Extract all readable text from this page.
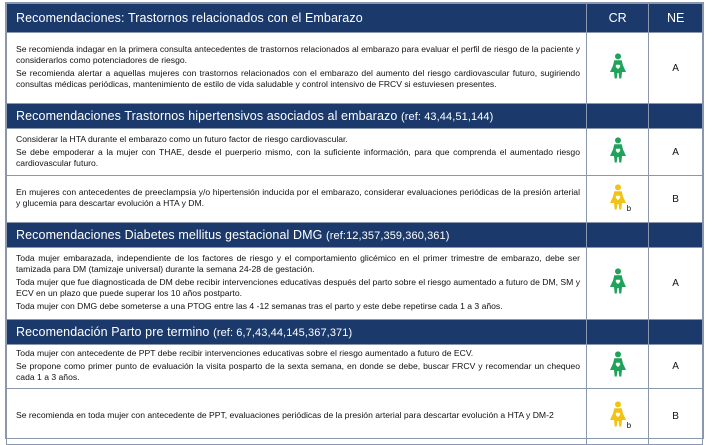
Recomendaciones: Trastornos relacionados con el Embarazo	CR	NE

Se recomienda indagar en la primera consulta antecedentes de trastornos relacionados al embarazo para evaluar el perfil de riesgo de la paciente y considerarlos como potenciadores de riesgo.

Se recomienda alertar a aquellas mujeres con trastornos relacionados con el embarazo del aumento del riesgo cardiovascular futuro, sugiriendo consultas médicas periódicas, mantenimiento de estilo de vida saludable y control intensivo de FRCV si estuviesen presentes.		A
Recomendaciones Trastornos hipertensivos asociados al embarazo (ref: 43,44,51,144)		

Considerar la HTA durante el embarazo como un futuro factor de riesgo cardiovascular.

Se debe empoderar a la mujer con THAE, desde el puerperio mismo, con la suficiente información, para que comprenda el aumentado riesgo cardiovascular futuro.		A

En mujeres con antecedentes de preeclampsia y/o hipertensión inducida por el embarazo, considerar evaluaciones periódicas de la presión arterial y glucemia para descartar evolución a HTA y DM.	b	B
Recomendaciones Diabetes mellitus gestacional DMG (ref:12,357,359,360,361)		

Toda mujer embarazada, independiente de los factores de riesgo y el comportamiento glicémico en el primer trimestre de embarazo, debe ser tamizada para DM (tamizaje universal) durante la semana 24-28 de gestación.

Toda mujer que fue diagnosticada de DM debe recibir intervenciones educativas después del parto sobre el riesgo aumentado a futuro de DM, SM y ECV en un plazo que puede superar los 10 años postparto.

Toda mujer con DMG debe someterse a una PTOG entre las 4 -12 semanas tras el parto y este debe repetirse cada 1 a 3 años.		A
Recomendación Parto pre termino (ref: 6,7,43,44,145,367,371)		

Toda mujer con antecedente de PPT debe recibir intervenciones educativas sobre el riesgo aumentado a futuro de ECV.

Se propone como primer punto de evaluación la visita posparto de la sexta semana, en donde se debe, buscar FRCV y recomendar un chequeo cada 1 a 3 años.		A

Se recomienda en toda mujer con antecedente de PPT, evaluaciones periódicas de la presión arterial para descartar evolución a HTA y DM-2	b	B
